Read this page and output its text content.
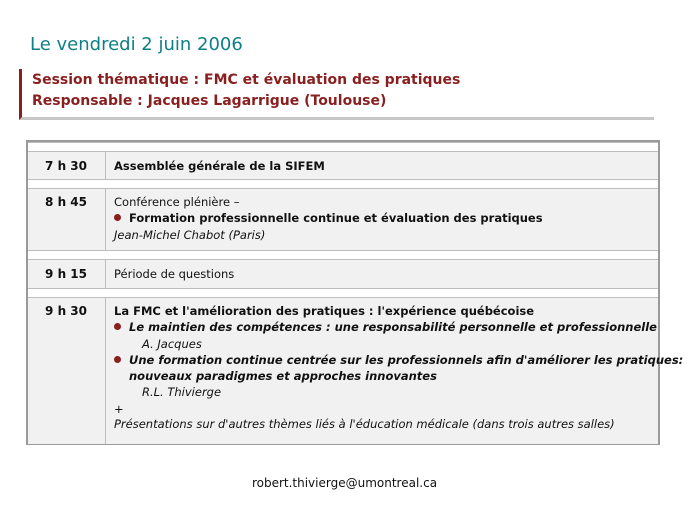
Le vendredi 2 juin 2006
Session thématique : FMC et évaluation des pratiques
Responsable : Jacques Lagarrigue (Toulouse)
7 h 30 Assemblée générale de la SIFEM
8 h 45 Conférence plénière –
Formation professionnelle continue et évaluation des pratiques
Jean-Michel Chabot (Paris)
9 h 15 Période de questions
9 h 30 La FMC et l'amélioration des pratiques : l'expérience québécoise
Le maintien des compétences : une responsabilité personnelle et professionnelle
A. Jacques
Une formation continue centrée sur les professionnels afin d'améliorer les pratiques:
nouveaux paradigmes et approches innovantes
R.L. Thivierge
+
Présentations sur d'autres thèmes liés à l'éducation médicale (dans trois autres salles)
robert.thivierge@umontreal.ca
